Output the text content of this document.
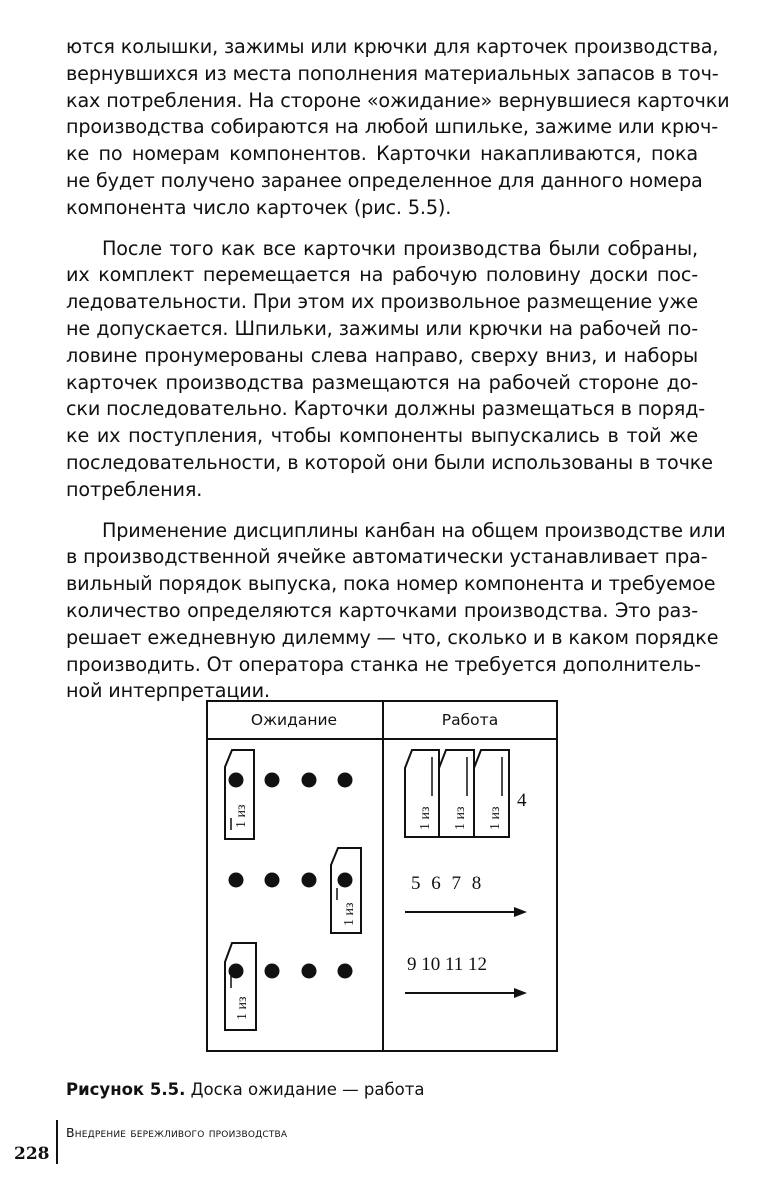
ются колышки, зажимы или крючки для карточек производства,
вернувшихся из места пополнения материальных запасов в точ-
ках потребления. На стороне «ожидание» вернувшиеся карточки
производства собираются на любой шпильке, зажиме или крюч-
ке по номерам компонентов. Карточки накапливаются, пока
не будет получено заранее определенное для данного номера
компонента число карточек (рис. 5.5).

После того как все карточки производства были собраны,
их комплект перемещается на рабочую половину доски пос-
ледовательности. При этом их произвольное размещение уже
не допускается. Шпильки, зажимы или крючки на рабочей по-
ловине пронумерованы слева направо, сверху вниз, и наборы
карточек производства размещаются на рабочей стороне до-
ски последовательно. Карточки должны размещаться в поряд-
ке их поступления, чтобы компоненты выпускались в той же
последовательности, в которой они были использованы в точке
потребления.

Применение дисциплины канбан на общем производстве или
в производственной ячейке автоматически устанавливает пра-
вильный порядок выпуска, пока номер компонента и требуемое
количество определяются карточками производства. Это раз-
решает ежедневную дилемму — что, сколько и в каком порядке
производить. От оператора станка не требуется дополнитель-
ной интерпретации.

Ожидание	Работа
1 из
1 из
1 из
1 из 1 из 1 из
4
5 6 7 8
9 10 11 12
Рисунок 5.5. Доска ожидание — работа
228
Внедрение бережливого производства
